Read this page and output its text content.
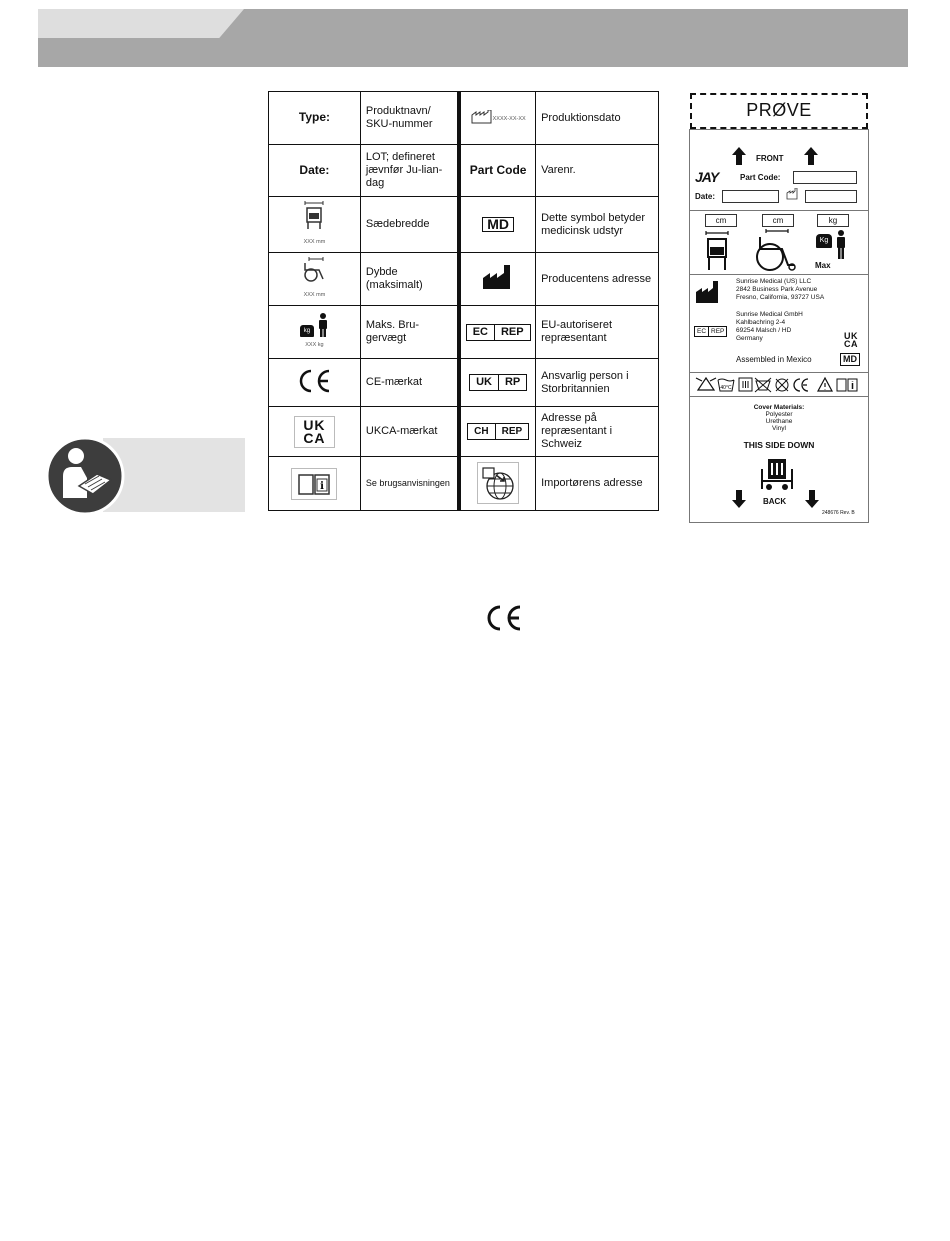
Type:	Produktnavn/ SKU-nummer	XXXX-XX-XX	Produktionsdato
Date:	LOT; defineret jævnfør Ju-lian-dag	Part Code	Varenr.

XXX mm	Sædebredde	MD	Dette symbol betyder medicinsk udstyr

XXX mm	Dybde (maksimalt)		Producentens adresse
kg
XXX kg	Maks. Bru-gervægt	EC REP	EU-autoriseret repræsentant
	CE-mærkat	UK RP	Ansvarlig person i Storbritannien
UK
CA	UKCA-mærkat	CH REP	Adresse på repræsentant i Schweiz

i	Se brugsanvisningen		Importørens adresse
PRØVE
FRONT
JAY	Part Code:
Date:
cm	cm	kg
Kg
Max
Sunrise Medical (US) LLC
2842 Business Park Avenue
Fresno, California, 93727 USA
EC REP
Sunrise Medical GmbH
Kahlbachring 2-4
69254 Malsch / HD
Germany	UK
CA
Assembled in Mexico	MD
40°C
Cover Materials:
Polyester
Urethane
Vinyl
THIS SIDE DOWN
BACK
248676 Rev. B
